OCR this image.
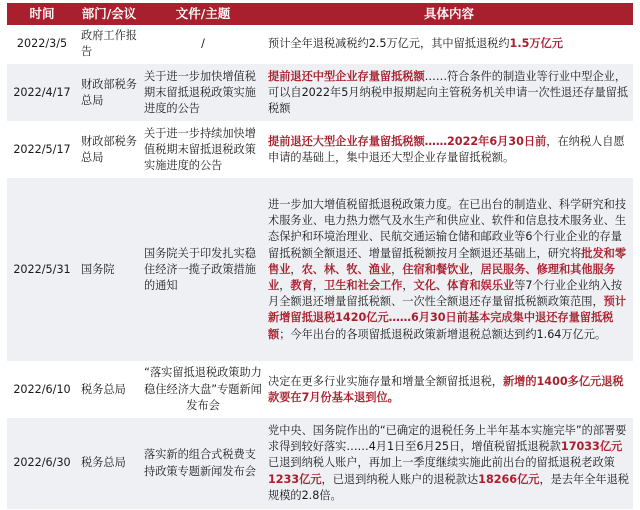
时间	部门/会议	文件/主题	具体内容
2022/3/5	政府工作报告	/	预计全年退税减税约2.5万亿元，其中留抵退税约1.5万亿元
2022/4/17	财政部税务总局	关于进一步加快增值税期末留抵退税政策实施进度的公告	提前退还中型企业存量留抵税额……符合条件的制造业等行业中型企业，可以自2022年5月纳税申报期起向主管税务机关申请一次性退还存量留抵税额
2022/5/17	财政部税务总局	关于进一步持续加快增值税期末留抵退税政策实施进度的公告	提前退还大型企业存量留抵税额……2022年6月30日前，在纳税人自愿申请的基础上，集中退还大型企业存量留抵税额。
2022/5/31	国务院	国务院关于印发扎实稳住经济一揽子政策措施的通知	进一步加大增值税留抵退税政策力度。在已出台的制造业、科学研究和技术服务业、电力热力燃气及水生产和供应业、软件和信息技术服务业、生态保护和环境治理业、民航交通运输仓储和邮政业等6个行业企业的存量留抵税额全额退还、增量留抵税额按月全额退还基础上，研究将批发和零售业，农、林、牧、渔业，住宿和餐饮业，居民服务、修理和其他服务业，教育，卫生和社会工作，文化、体育和娱乐业等7个行业企业纳入按月全额退还增量留抵税额、一次性全额退还存量留抵税额政策范围，预计新增留抵退税1420亿元……6月30日前基本完成集中退还存量留抵税额；今年出台的各项留抵退税政策新增退税总额达到约1.64万亿元。
2022/6/10	税务总局	“落实留抵退税政策助力稳住经济大盘”专题新闻发布会	决定在更多行业实施存量和增量全额留抵退税，新增的1400多亿元退税款要在7月份基本退到位。
2022/6/30	税务总局	落实新的组合式税费支持政策专题新闻发布会	党中央、国务院作出的“已确定的退税任务上半年基本实施完毕”的部署要求得到较好落实……4月1日至6月25日，增值税留抵退税款17033亿元已退到纳税人账户，再加上一季度继续实施此前出台的留抵退税老政策1233亿元，已退到纳税人账户的退税款达18266亿元，是去年全年退税规模的2.8倍。
